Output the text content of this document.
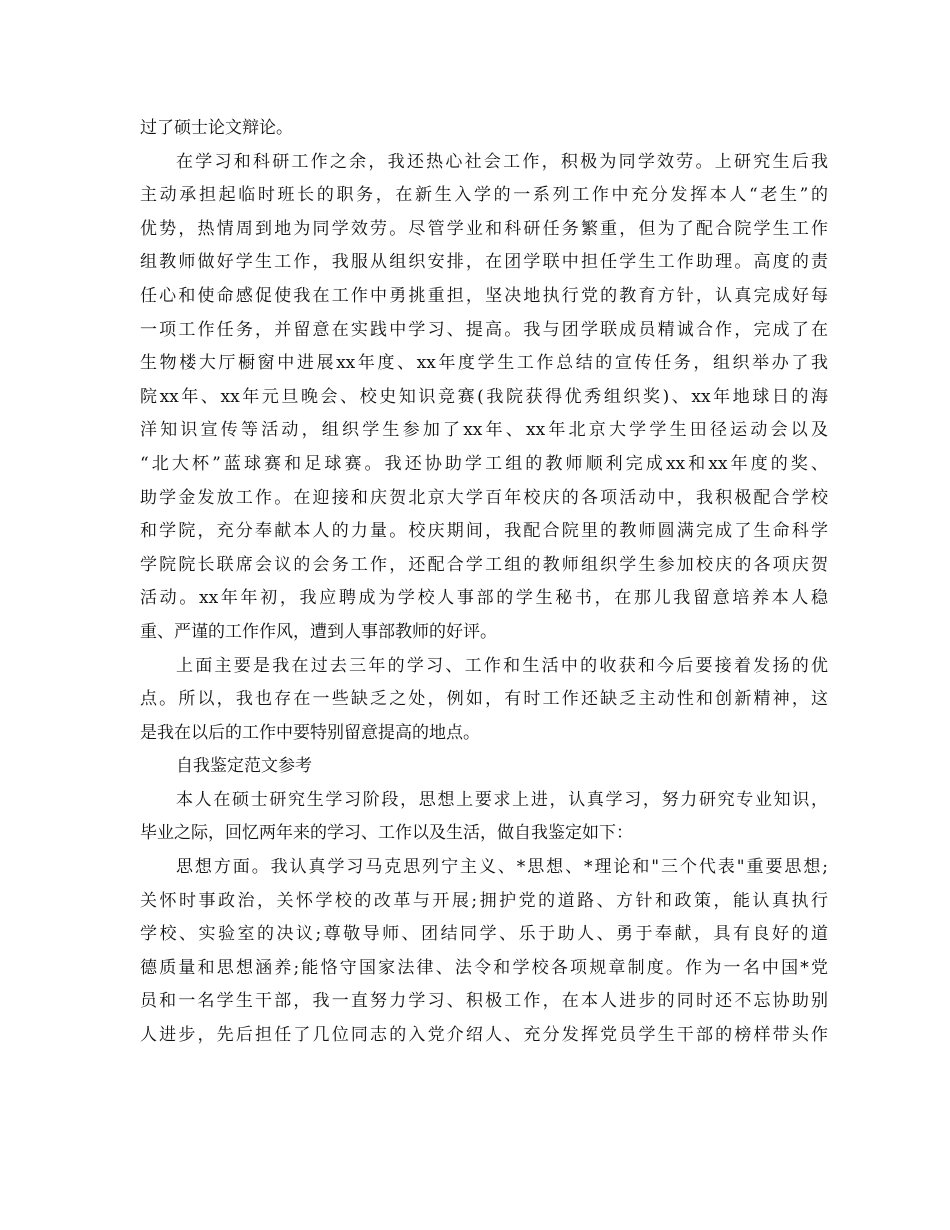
过了硕士论文辩论。
在学习和科研工作之余，我还热心社会工作，积极为同学效劳。上研究生后我
主动承担起临时班长的职务，在新生入学的一系列工作中充分发挥本人“老生”的
优势，热情周到地为同学效劳。尽管学业和科研任务繁重，但为了配合院学生工作
组教师做好学生工作，我服从组织安排，在团学联中担任学生工作助理。高度的责
任心和使命感促使我在工作中勇挑重担，坚决地执行党的教育方针，认真完成好每
一项工作任务，并留意在实践中学习、提高。我与团学联成员精诚合作，完成了在
生物楼大厅橱窗中进展xx年度、xx年度学生工作总结的宣传任务，组织举办了我
院xx年、xx年元旦晚会、校史知识竞赛(我院获得优秀组织奖)、xx年地球日的海
洋知识宣传等活动，组织学生参加了xx年、xx年北京大学学生田径运动会以及
“北大杯”蓝球赛和足球赛。我还协助学工组的教师顺利完成xx和xx年度的奖、
助学金发放工作。在迎接和庆贺北京大学百年校庆的各项活动中，我积极配合学校
和学院，充分奉献本人的力量。校庆期间，我配合院里的教师圆满完成了生命科学
学院院长联席会议的会务工作，还配合学工组的教师组织学生参加校庆的各项庆贺
活动。xx年年初，我应聘成为学校人事部的学生秘书，在那儿我留意培养本人稳
重、严谨的工作作风，遭到人事部教师的好评。
上面主要是我在过去三年的学习、工作和生活中的收获和今后要接着发扬的优
点。所以，我也存在一些缺乏之处，例如，有时工作还缺乏主动性和创新精神，这
是我在以后的工作中要特别留意提高的地点。
自我鉴定范文参考
本人在硕士研究生学习阶段，思想上要求上进，认真学习，努力研究专业知识，
毕业之际，回忆两年来的学习、工作以及生活，做自我鉴定如下：
思想方面。我认真学习马克思列宁主义、*思想、*理论和"三个代表"重要思想;
关怀时事政治，关怀学校的改革与开展;拥护党的道路、方针和政策，能认真执行
学校、实验室的决议;尊敬导师、团结同学、乐于助人、勇于奉献，具有良好的道
德质量和思想涵养;能恪守国家法律、法令和学校各项规章制度。作为一名中国*党
员和一名学生干部，我一直努力学习、积极工作，在本人进步的同时还不忘协助别
人进步，先后担任了几位同志的入党介绍人、充分发挥党员学生干部的榜样带头作
